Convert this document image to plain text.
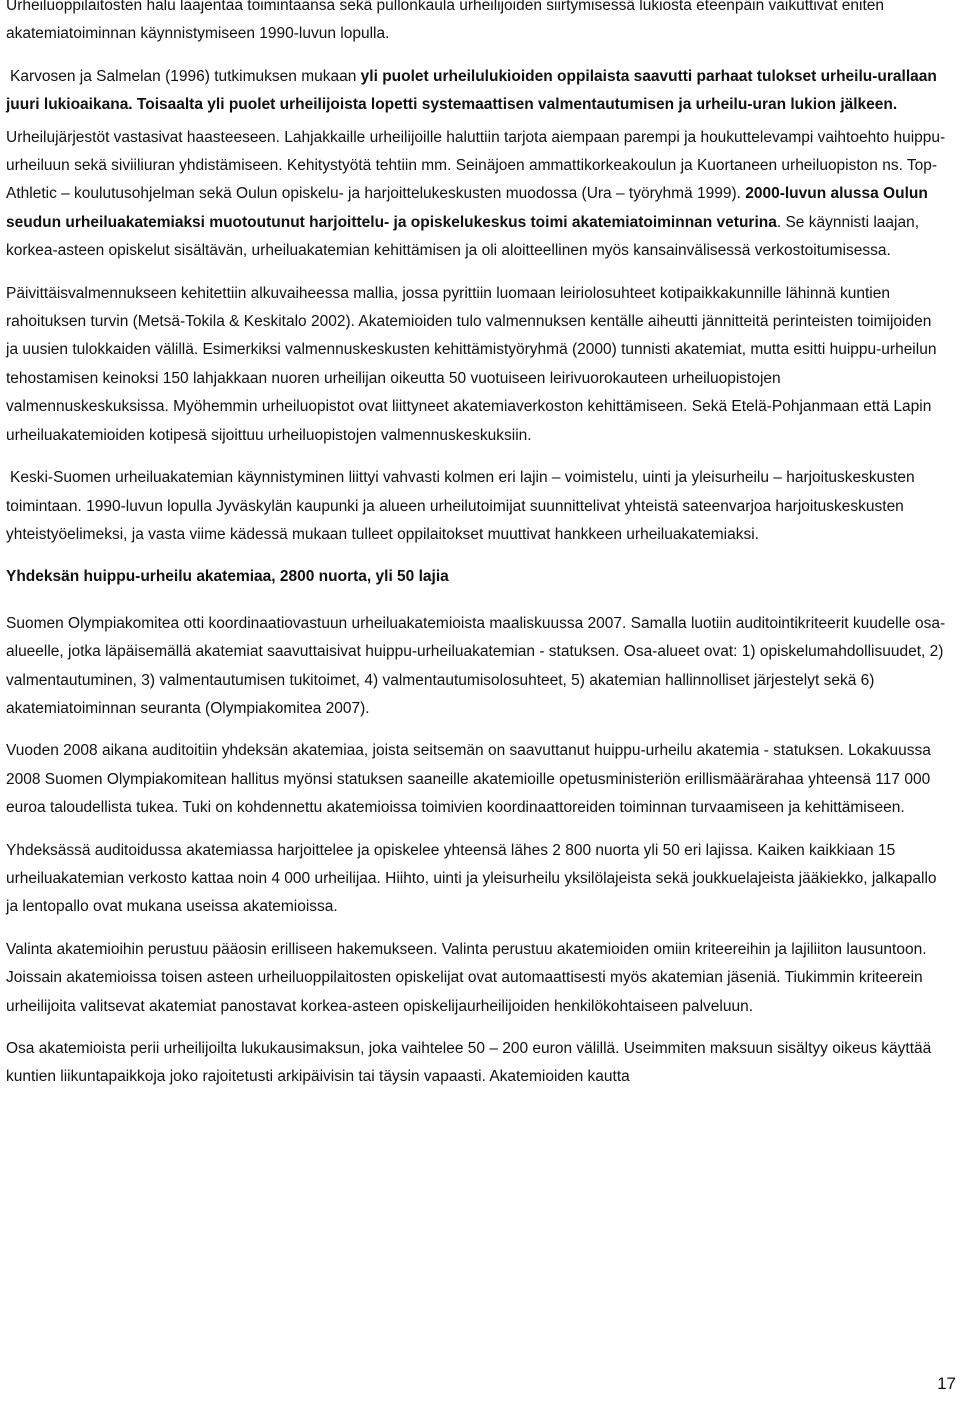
Urheiluoppilaitosten halu laajentaa toimintaansa sekä pullonkaula urheilijoiden siirtymisessä lukiosta eteenpäin vaikuttivat eniten akatemiatoiminnan käynnistymiseen 1990-luvun lopulla.

Karvosen ja Salmelan (1996) tutkimuksen mukaan yli puolet urheilulukioiden oppilaista saavutti parhaat tulokset urheilu-urallaan juuri lukioaikana. Toisaalta yli puolet urheilijoista lopetti systemaattisen valmentautumisen ja urheilu-uran lukion jälkeen.

Urheilujärjestöt vastasivat haasteeseen. Lahjakkaille urheilijoille haluttiin tarjota aiempaan parempi ja houkuttelevampi vaihtoehto huippu-urheiluun sekä siviiliuran yhdistämiseen. Kehitystyötä tehtiin mm. Seinäjoen ammattikorkeakoulun ja Kuortaneen urheiluopiston ns. Top-Athletic – koulutusohjelman sekä Oulun opiskelu- ja harjoittelukeskusten muodossa (Ura – työryhmä 1999). 2000-luvun alussa Oulun seudun urheiluakatemiaksi muotoutunut harjoittelu- ja opiskelukeskus toimi akatemiatoiminnan veturina. Se käynnisti laajan, korkea-asteen opiskelut sisältävän, urheiluakatemian kehittämisen ja oli aloitteellinen myös kansainvälisessä verkostoitumisessa.

Päivittäisvalmennukseen kehitettiin alkuvaiheessa mallia, jossa pyrittiin luomaan leiriolosuhteet kotipaikkakunnille lähinnä kuntien rahoituksen turvin (Metsä-Tokila & Keskitalo 2002). Akatemioiden tulo valmennuksen kentälle aiheutti jännitteitä perinteisten toimijoiden ja uusien tulokkaiden välillä. Esimerkiksi valmennuskeskusten kehittämistyöryhmä (2000) tunnisti akatemiat, mutta esitti huippu-urheilun tehostamisen keinoksi 150 lahjakkaan nuoren urheilijan oikeutta 50 vuotuiseen leirivuorokauteen urheiluopistojen valmennuskeskuksissa. Myöhemmin urheiluopistot ovat liittyneet akatemiaverkoston kehittämiseen. Sekä Etelä-Pohjanmaan että Lapin urheiluakatemioiden kotipesä sijoittuu urheiluopistojen valmennuskeskuksiin.

Keski-Suomen urheiluakatemian käynnistyminen liittyi vahvasti kolmen eri lajin – voimistelu, uinti ja yleisurheilu – harjoituskeskusten toimintaan. 1990-luvun lopulla Jyväskylän kaupunki ja alueen urheilutoimijat suunnittelivat yhteistä sateenvarjoa harjoituskeskusten yhteistyöelimeksi, ja vasta viime kädessä mukaan tulleet oppilaitokset muuttivat hankkeen urheiluakatemiaksi.

Yhdeksän huippu-urheilu akatemiaa, 2800 nuorta, yli 50 lajia

Suomen Olympiakomitea otti koordinaatiovastuun urheiluakatemioista maaliskuussa 2007. Samalla luotiin auditointikriteerit kuudelle osa-alueelle, jotka läpäisemällä akatemiat saavuttaisivat huippu-urheiluakatemian - statuksen. Osa-alueet ovat: 1) opiskelumahdollisuudet, 2) valmentautuminen, 3) valmentautumisen tukitoimet, 4) valmentautumisolosuhteet, 5) akatemian hallinnolliset järjestelyt sekä 6) akatemiatoiminnan seuranta (Olympiakomitea 2007).

Vuoden 2008 aikana auditoitiin yhdeksän akatemiaa, joista seitsemän on saavuttanut huippu-urheilu akatemia - statuksen. Lokakuussa 2008 Suomen Olympiakomitean hallitus myönsi statuksen saaneille akatemioille opetusministeriön erillismäärärahaa yhteensä 117 000 euroa taloudellista tukea. Tuki on kohdennettu akatemioissa toimivien koordinaattoreiden toiminnan turvaamiseen ja kehittämiseen.

Yhdeksässä auditoidussa akatemiassa harjoittelee ja opiskelee yhteensä lähes 2 800 nuorta yli 50 eri lajissa. Kaiken kaikkiaan 15 urheiluakatemian verkosto kattaa noin 4 000 urheilijaa. Hiihto, uinti ja yleisurheilu yksilölajeista sekä joukkuelajeista jääkiekko, jalkapallo ja lentopallo ovat mukana useissa akatemioissa.

Valinta akatemioihin perustuu pääosin erilliseen hakemukseen. Valinta perustuu akatemioiden omiin kriteereihin ja lajiliiton lausuntoon. Joissain akatemioissa toisen asteen urheiluoppilaitosten opiskelijat ovat automaattisesti myös akatemian jäseniä. Tiukimmin kriteerein urheilijoita valitsevat akatemiat panostavat korkea-asteen opiskelijaurheilijoiden henkilökohtaiseen palveluun.

Osa akatemioista perii urheilijoilta lukukausimaksun, joka vaihtelee 50 – 200 euron välillä. Useimmiten maksuun sisältyy oikeus käyttää kuntien liikuntapaikkoja joko rajoitetusti arkipäivisin tai täysin vapaasti. Akatemioiden kautta

17
